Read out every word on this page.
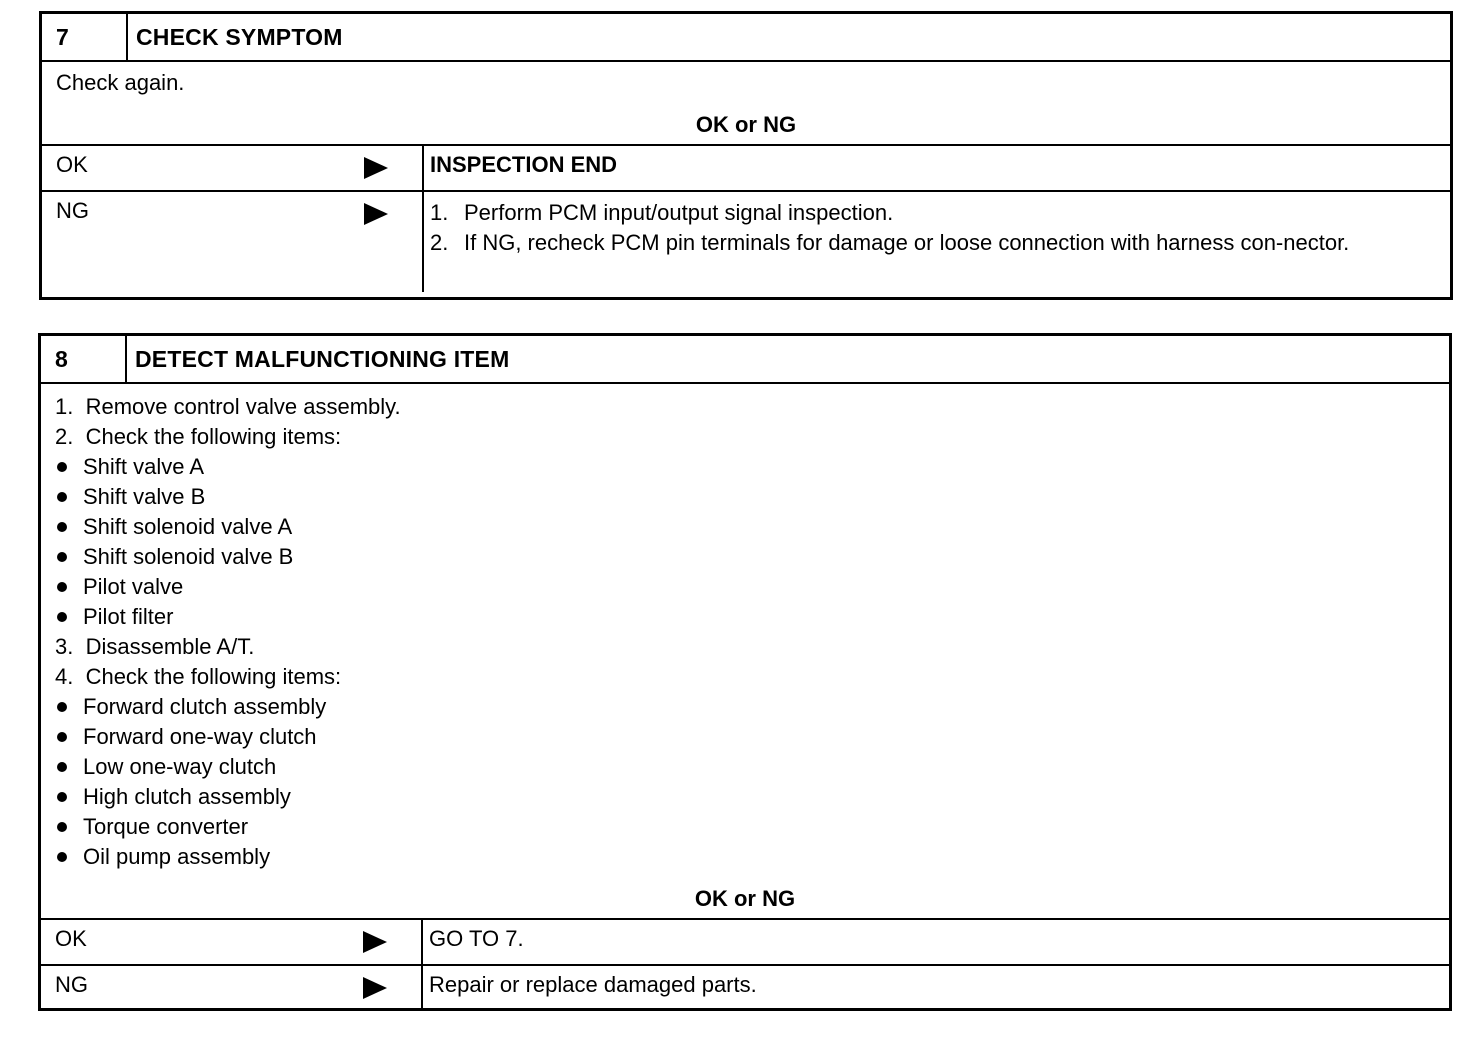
7	CHECK SYMPTOM
Check again.
OK or NG
OK	INSPECTION END
NG	1. Perform PCM input/output signal inspection.
2. If NG, recheck PCM pin terminals for damage or loose connection with harness con-nector.
8	DETECT MALFUNCTIONING ITEM
1.  Remove control valve assembly.
2.  Check the following items:
Shift valve A
Shift valve B
Shift solenoid valve A
Shift solenoid valve B
Pilot valve
Pilot filter
3.  Disassemble A/T.
4.  Check the following items:
Forward clutch assembly
Forward one-way clutch
Low one-way clutch
High clutch assembly
Torque converter
Oil pump assembly
OK or NG
OK	GO TO 7.
NG	Repair or replace damaged parts.
